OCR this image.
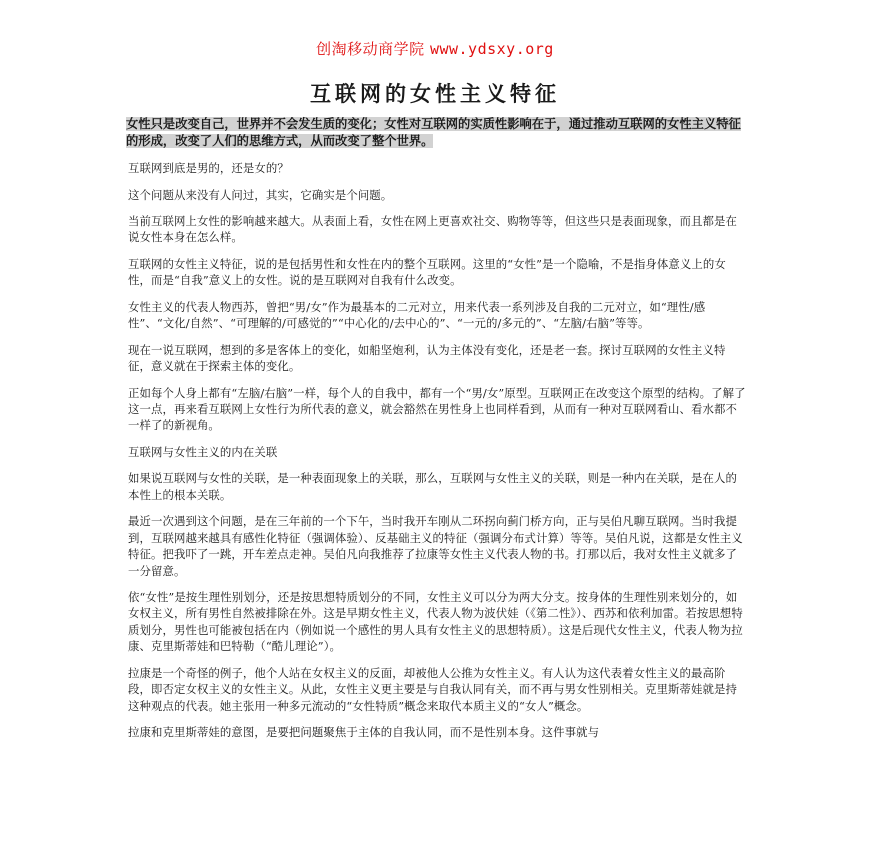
创淘移动商学院 www.ydsxy.org
互联网的女性主义特征
女性只是改变自己，世界并不会发生质的变化；女性对互联网的实质性影响在于，通过推动互联网的女性主义特征的形成，改变了人们的思维方式，从而改变了整个世界。

互联网到底是男的，还是女的？

这个问题从来没有人问过，其实，它确实是个问题。

当前互联网上女性的影响越来越大。从表面上看，女性在网上更喜欢社交、购物等等，但这些只是表面现象，而且都是在说女性本身在怎么样。

互联网的女性主义特征，说的是包括男性和女性在内的整个互联网。这里的“女性”是一个隐喻，不是指身体意义上的女性，而是“自我”意义上的女性。说的是互联网对自我有什么改变。

女性主义的代表人物西苏，曾把“男/女”作为最基本的二元对立，用来代表一系列涉及自我的二元对立，如“理性/感性”、“文化/自然”、“可理解的/可感觉的”“中心化的/去中心的”、“一元的/多元的”、“左脑/右脑”等等。

现在一说互联网，想到的多是客体上的变化，如船坚炮利，认为主体没有变化，还是老一套。探讨互联网的女性主义特征，意义就在于探索主体的变化。

正如每个人身上都有“左脑/右脑”一样，每个人的自我中，都有一个“男/女”原型。互联网正在改变这个原型的结构。了解了这一点，再来看互联网上女性行为所代表的意义，就会豁然在男性身上也同样看到，从而有一种对互联网看山、看水都不一样了的新视角。

互联网与女性主义的内在关联

如果说互联网与女性的关联，是一种表面现象上的关联，那么，互联网与女性主义的关联，则是一种内在关联，是在人的本性上的根本关联。

最近一次遇到这个问题，是在三年前的一个下午，当时我开车刚从二环拐向蓟门桥方向，正与吴伯凡聊互联网。当时我提到，互联网越来越具有感性化特征（强调体验）、反基础主义的特征（强调分布式计算）等等。吴伯凡说，这都是女性主义特征。把我吓了一跳，开车差点走神。吴伯凡向我推荐了拉康等女性主义代表人物的书。打那以后，我对女性主义就多了一分留意。

依“女性”是按生理性别划分，还是按思想特质划分的不同，女性主义可以分为两大分支。按身体的生理性别来划分的，如女权主义，所有男性自然被排除在外。这是早期女性主义，代表人物为波伏娃（《第二性》）、西苏和依利加雷。若按思想特质划分，男性也可能被包括在内（例如说一个感性的男人具有女性主义的思想特质）。这是后现代女性主义，代表人物为拉康、克里斯蒂娃和巴特勒（“酷儿理论”）。

拉康是一个奇怪的例子，他个人站在女权主义的反面，却被他人公推为女性主义。有人认为这代表着女性主义的最高阶段，即否定女权主义的女性主义。从此，女性主义更主要是与自我认同有关，而不再与男女性别相关。克里斯蒂娃就是持这种观点的代表。她主张用一种多元流动的“女性特质”概念来取代本质主义的“女人”概念。

拉康和克里斯蒂娃的意图，是要把问题聚焦于主体的自我认同，而不是性别本身。这件事就与
